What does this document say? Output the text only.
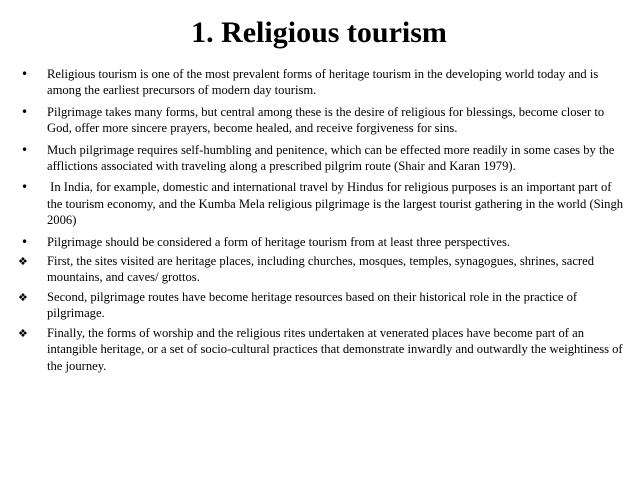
1. Religious tourism
•	Religious tourism is one of the most prevalent forms of heritage tourism in the developing world today and is among the earliest precursors of modern day tourism.
•	Pilgrimage takes many forms, but central among these is the desire of religious for blessings, become closer to God, offer more sincere prayers, become healed, and receive forgiveness for sins.
•	Much pilgrimage requires self-humbling and penitence, which can be effected more readily in some cases by the afflictions associated with traveling along a prescribed pilgrim route (Shair and Karan 1979).
•	In India, for example, domestic and international travel by Hindus for religious purposes is an important part of the tourism economy, and the Kumba Mela religious pilgrimage is the largest tourist gathering in the world (Singh 2006)
•	Pilgrimage should be considered a form of heritage tourism from at least three perspectives.
❖	First, the sites visited are heritage places, including churches, mosques, temples, synagogues, shrines, sacred mountains, and caves/ grottos.
❖	Second, pilgrimage routes have become heritage resources based on their historical role in the practice of pilgrimage.
❖	Finally, the forms of worship and the religious rites undertaken at venerated places have become part of an intangible heritage, or a set of socio-cultural practices that demonstrate inwardly and outwardly the weightiness of the journey.
